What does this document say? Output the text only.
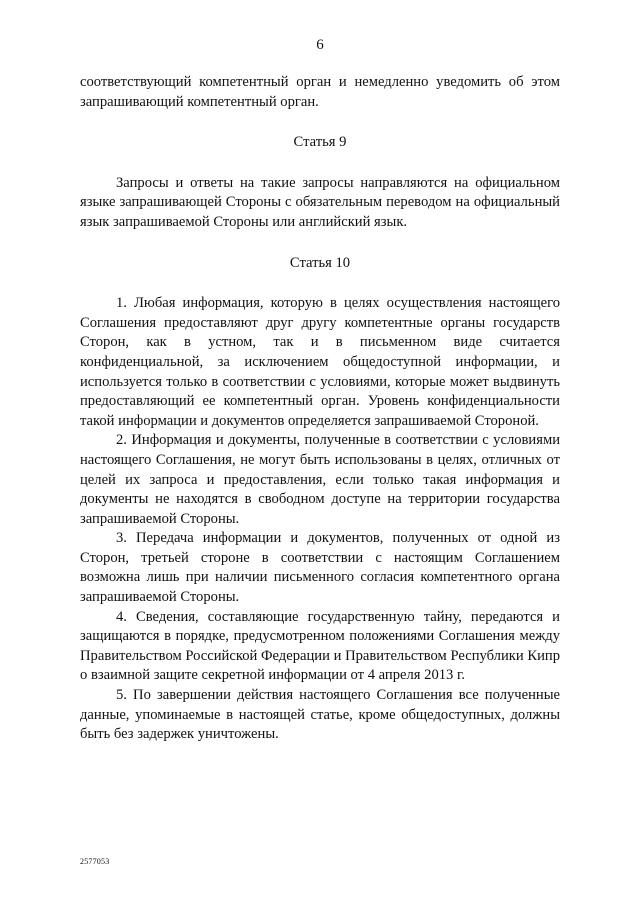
6

соответствующий компетентный орган и немедленно уведомить об этом запрашивающий компетентный орган.

Статья 9

Запросы и ответы на такие запросы направляются на официальном языке запрашивающей Стороны с обязательным переводом на официальный язык запрашиваемой Стороны или английский язык.

Статья 10

1. Любая информация, которую в целях осуществления настоящего Соглашения предоставляют друг другу компетентные органы государств Сторон, как в устном, так и в письменном виде считается конфиденциальной, за исключением общедоступной информации, и используется только в соответствии с условиями, которые может выдвинуть предоставляющий ее компетентный орган. Уровень конфиденциальности такой информации и документов определяется запрашиваемой Стороной.

2. Информация и документы, полученные в соответствии с условиями настоящего Соглашения, не могут быть использованы в целях, отличных от целей их запроса и предоставления, если только такая информация и документы не находятся в свободном доступе на территории государства запрашиваемой Стороны.

3. Передача информации и документов, полученных от одной из Сторон, третьей стороне в соответствии с настоящим Соглашением возможна лишь при наличии письменного согласия компетентного органа запрашиваемой Стороны.

4. Сведения, составляющие государственную тайну, передаются и защищаются в порядке, предусмотренном положениями Соглашения между Правительством Российской Федерации и Правительством Республики Кипр о взаимной защите секретной информации от 4 апреля 2013 г.

5. По завершении действия настоящего Соглашения все полученные данные, упоминаемые в настоящей статье, кроме общедоступных, должны быть без задержек уничтожены.

2577053
